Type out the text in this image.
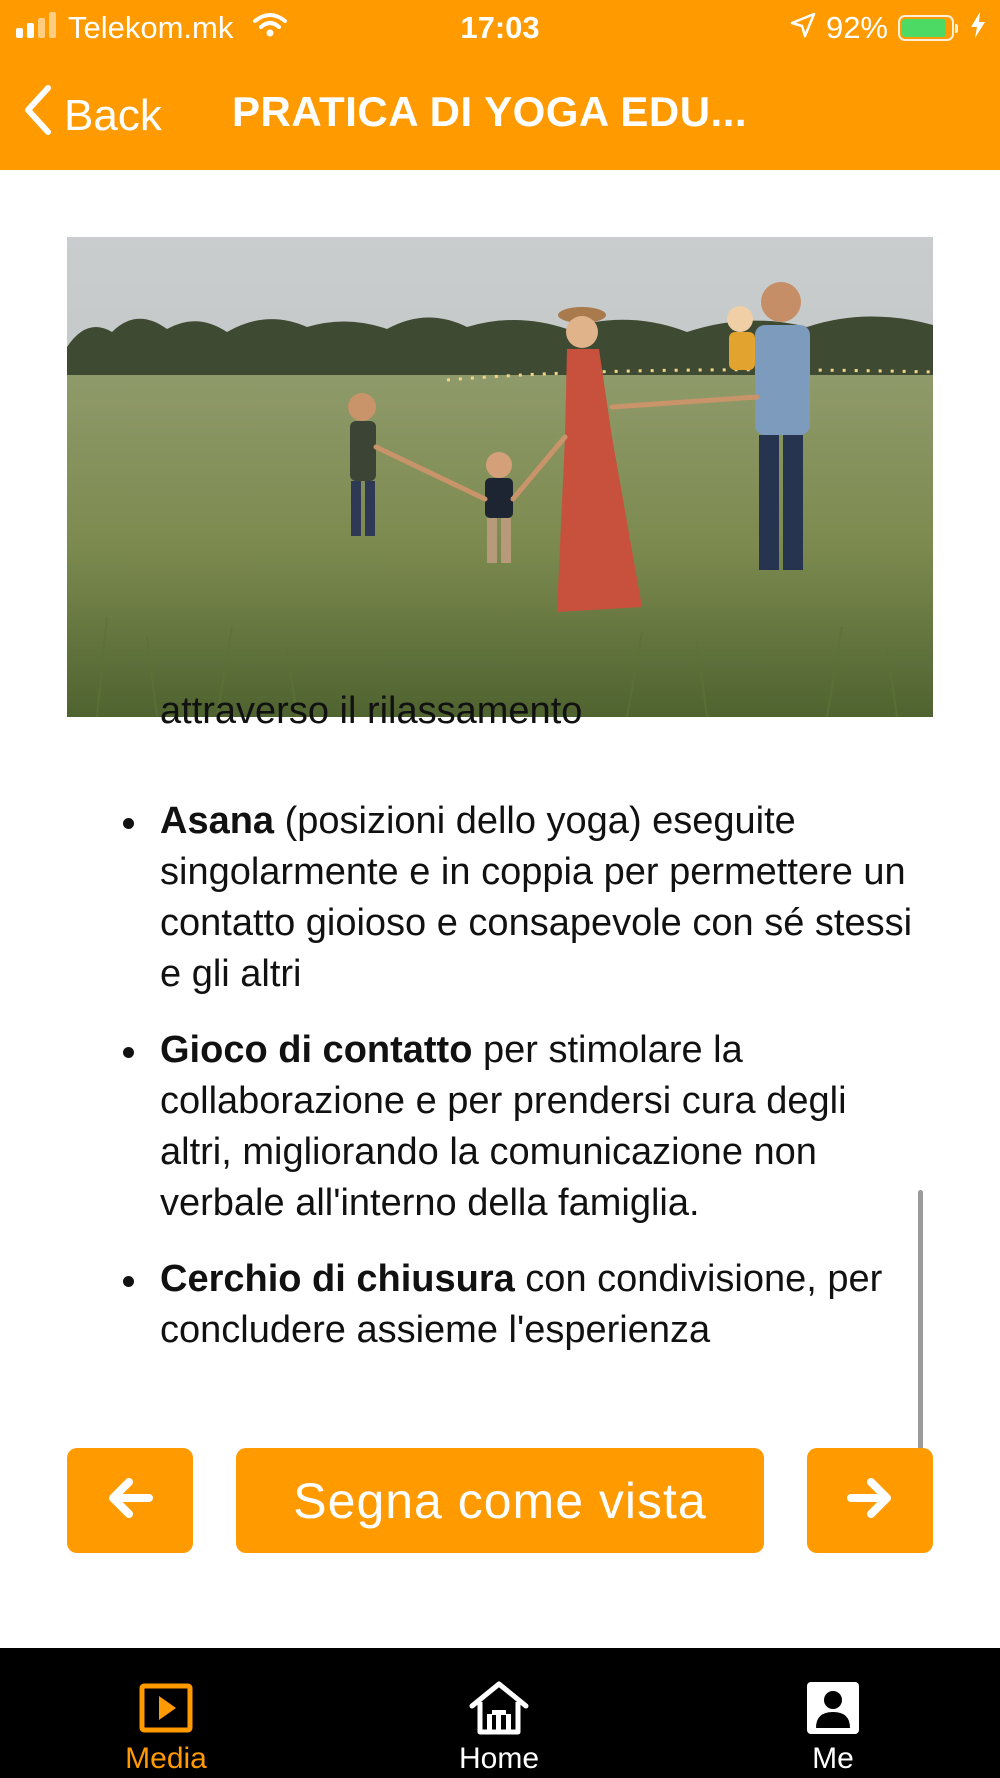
Telekom.mk	17:03	92%
Back PRATICA DI YOGA EDU...
attraverso il rilassamento
Asana (posizioni dello yoga) eseguite singolarmente e in coppia per permettere un contatto gioioso e consapevole con sé stessi e gli altri
Gioco di contatto per stimolare la collaborazione e per prendersi cura degli altri, migliorando la comunicazione non verbale all'interno della famiglia.
Cerchio di chiusura con condivisione, per concludere assieme l'esperienza
Segna come vista
Media	Home	Me
